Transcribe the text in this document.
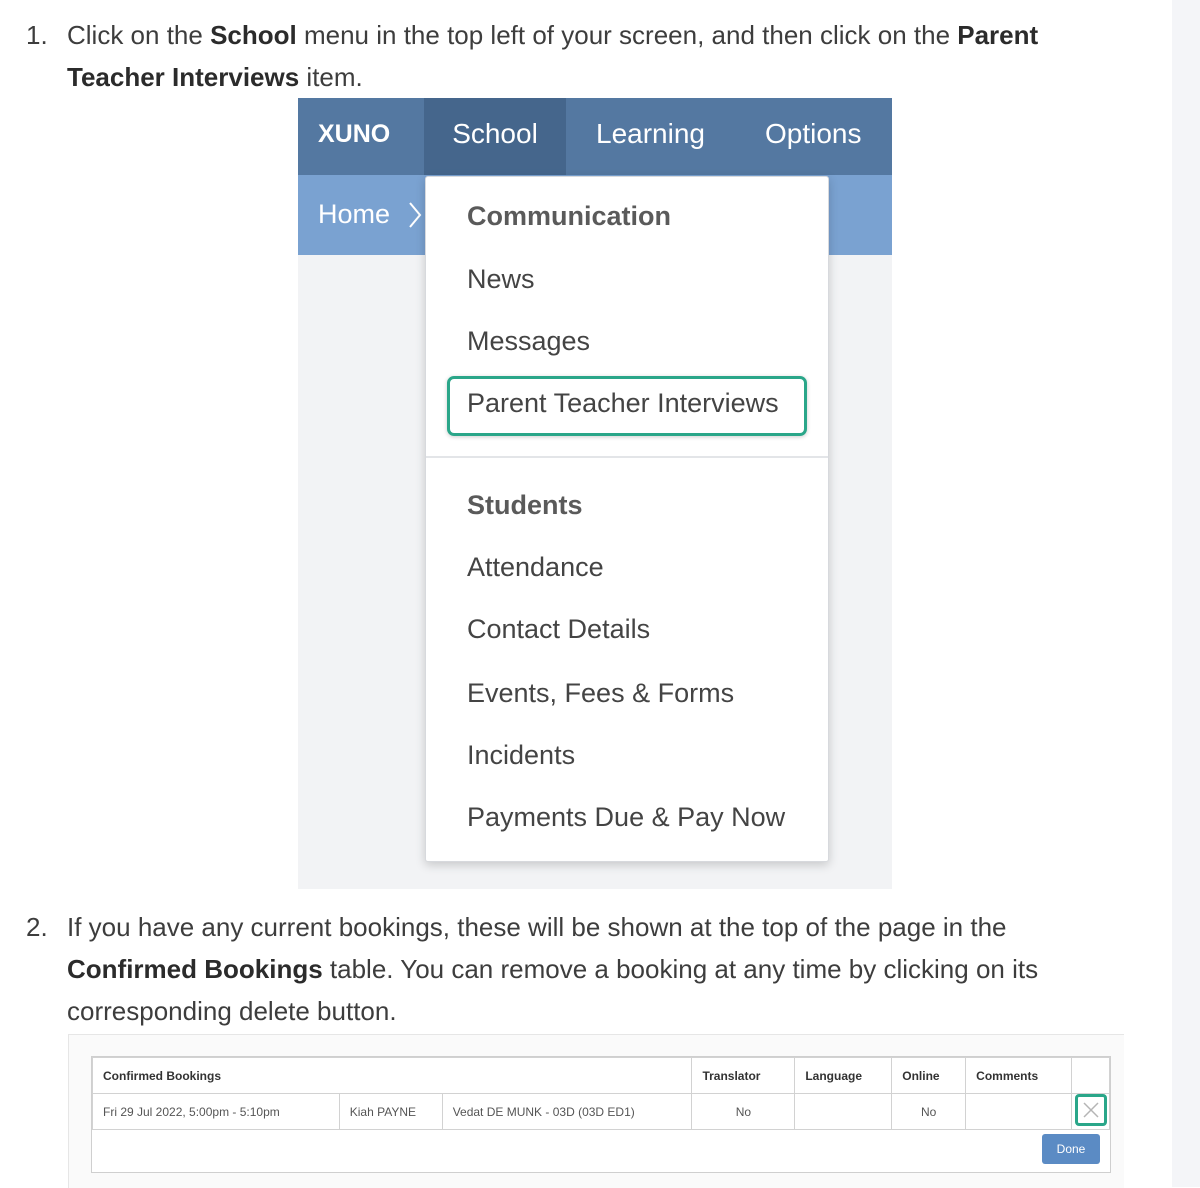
1. Click on the School menu in the top left of your screen, and then click on the Parent Teacher Interviews item.
XUNO	School	Learning Options
Home	Communication
News
Messages
Parent Teacher Interviews
Students
Attendance
Contact Details
Events, Fees & Forms
Incidents
Payments Due & Pay Now
2. If you have any current bookings, these will be shown at the top of the page in the Confirmed Bookings table. You can remove a booking at any time by clicking on its corresponding delete button.
Confirmed Bookings			Translator	Language	Online	Comments	
Fri 29 Jul 2022, 5:00pm - 5:10pm	Kiah PAYNE	Vedat DE MUNK - 03D (03D ED1)	No		No		
Done
